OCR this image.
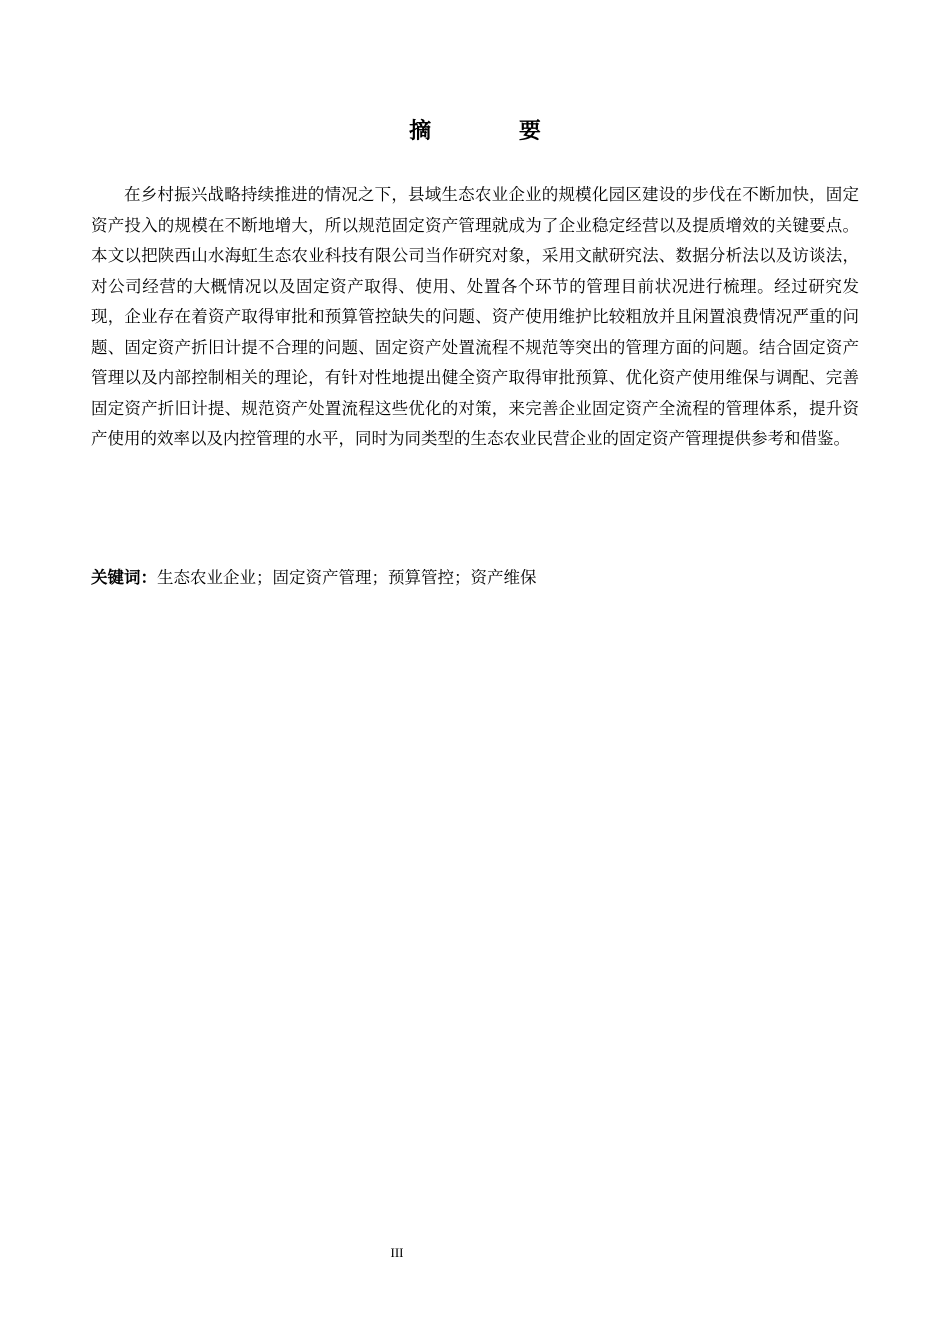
摘 要

在乡村振兴战略持续推进的情况之下，县域生态农业企业的规模化园区建设的步伐在不断加快，固定资产投入的规模在不断地增大，所以规范固定资产管理就成为了企业稳定经营以及提质增效的关键要点。本文以把陕西山水海虹生态农业科技有限公司当作研究对象，采用文献研究法、数据分析法以及访谈法，对公司经营的大概情况以及固定资产取得、使用、处置各个环节的管理目前状况进行梳理。经过研究发现，企业存在着资产取得审批和预算管控缺失的问题、资产使用维护比较粗放并且闲置浪费情况严重的问题、固定资产折旧计提不合理的问题、固定资产处置流程不规范等突出的管理方面的问题。结合固定资产管理以及内部控制相关的理论，有针对性地提出健全资产取得审批预算、优化资产使用维保与调配、完善固定资产折旧计提、规范资产处置流程这些优化的对策，来完善企业固定资产全流程的管理体系，提升资产使用的效率以及内控管理的水平，同时为同类型的生态农业民营企业的固定资产管理提供参考和借鉴。

关键词：生态农业企业；固定资产管理；预算管控；资产维保
III
